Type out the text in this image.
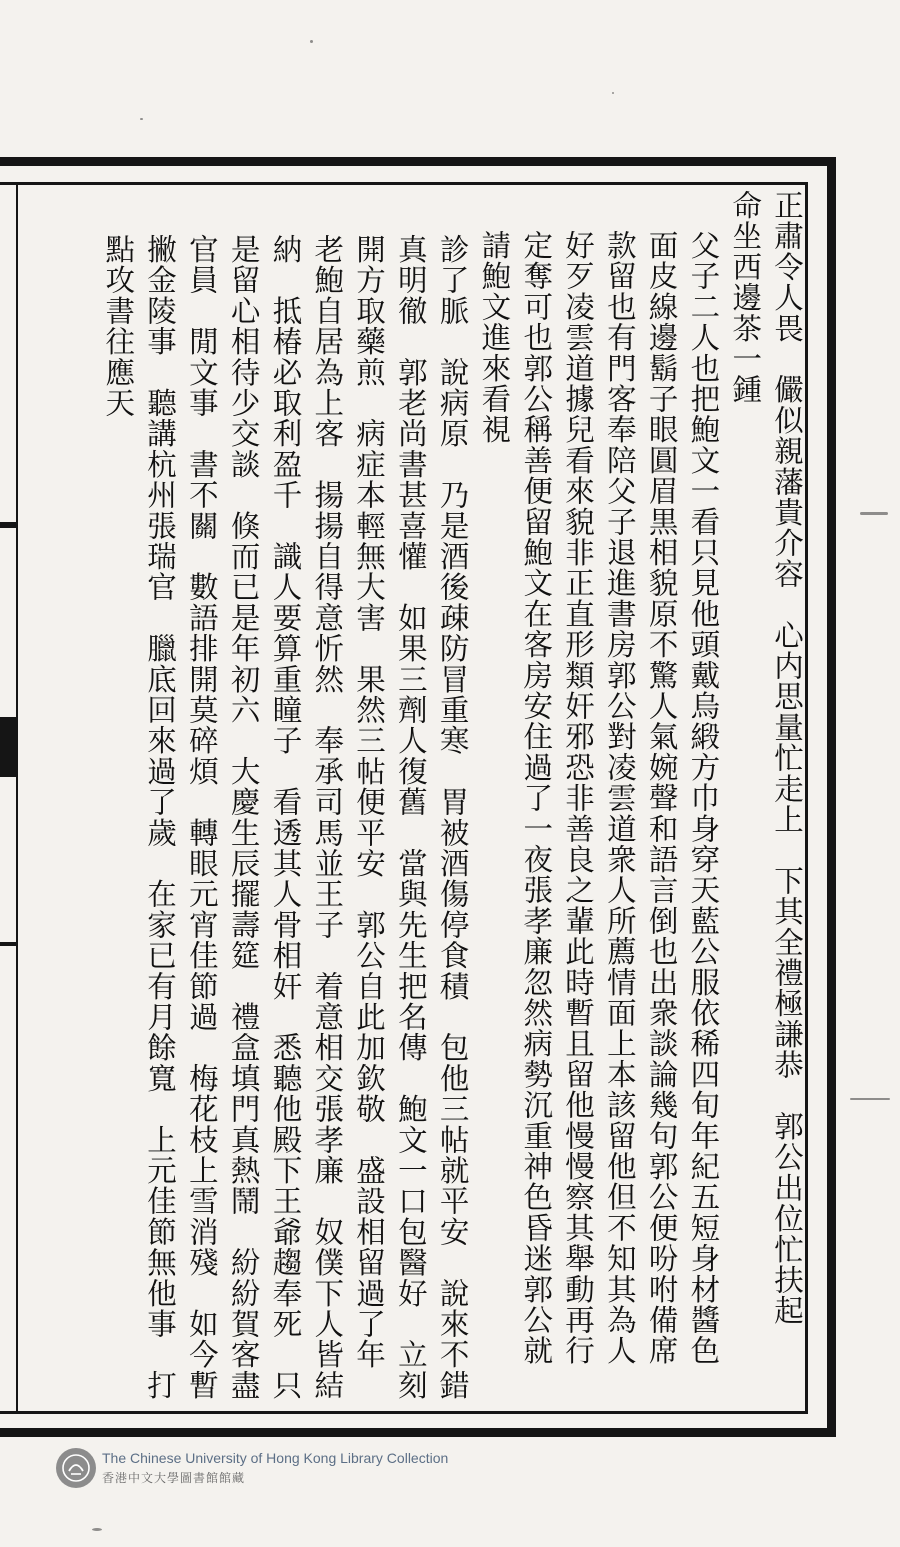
正肅令人畏　儼似親藩貴介容　心内思量忙走上　下其全禮極謙恭　郭公出位忙扶起
命坐西邊茶一鍾
父子二人也把鮑文一看只見他頭戴烏緞方巾身穿天藍公服依稀四旬年紀五短身材醬色
面皮線邊鬍子眼圓眉黒相貌原不驚人氣婉聲和語言倒也出衆談論幾句郭公便吩咐備席
款留也有門客奉陪父子退進書房郭公對凌雲道衆人所薦情面上本該留他但不知其為人
好歹凌雲道據兒看來貌非正直形類奸邪恐非善良之輩此時暫且留他慢慢察其舉動再行
定奪可也郭公稱善便留鮑文在客房安住過了一夜張孝廉忽然病勢沉重神色昏迷郭公就
請鮑文進來看視
診了脈　說病原　乃是酒後疎防冒重寒　胃被酒傷停食積　包他三帖就平安　說來不錯
真明徹　郭老尚書甚喜懽　如果三劑人復舊　當與先生把名傳　鮑文一口包醫好　立刻
開方取藥煎　病症本輕無大害　果然三帖便平安　郭公自此加欽敬　盛設相留過了年
老鮑自居為上客　揚揚自得意忻然　奉承司馬並王子　着意相交張孝廉　奴僕下人皆結
納　抵椿必取利盈千　識人要算重瞳子　看透其人骨相奸　悉聽他殿下王爺趨奉死　只
是留心相待少交談　倏而已是年初六　大慶生辰擺壽筵　禮盒填門真熱鬧　紛紛賀客盡
官員　閒文事　書不關　數語排開莫碎煩　轉眼元宵佳節過　梅花枝上雪消殘　如今暫
撇金陵事　聽講杭州張瑞官　臘底回來過了歲　在家已有月餘寬　上元佳節無他事　打
點攻書往應天
The Chinese University of Hong Kong Library Collection
香港中文大學圖書館館藏
